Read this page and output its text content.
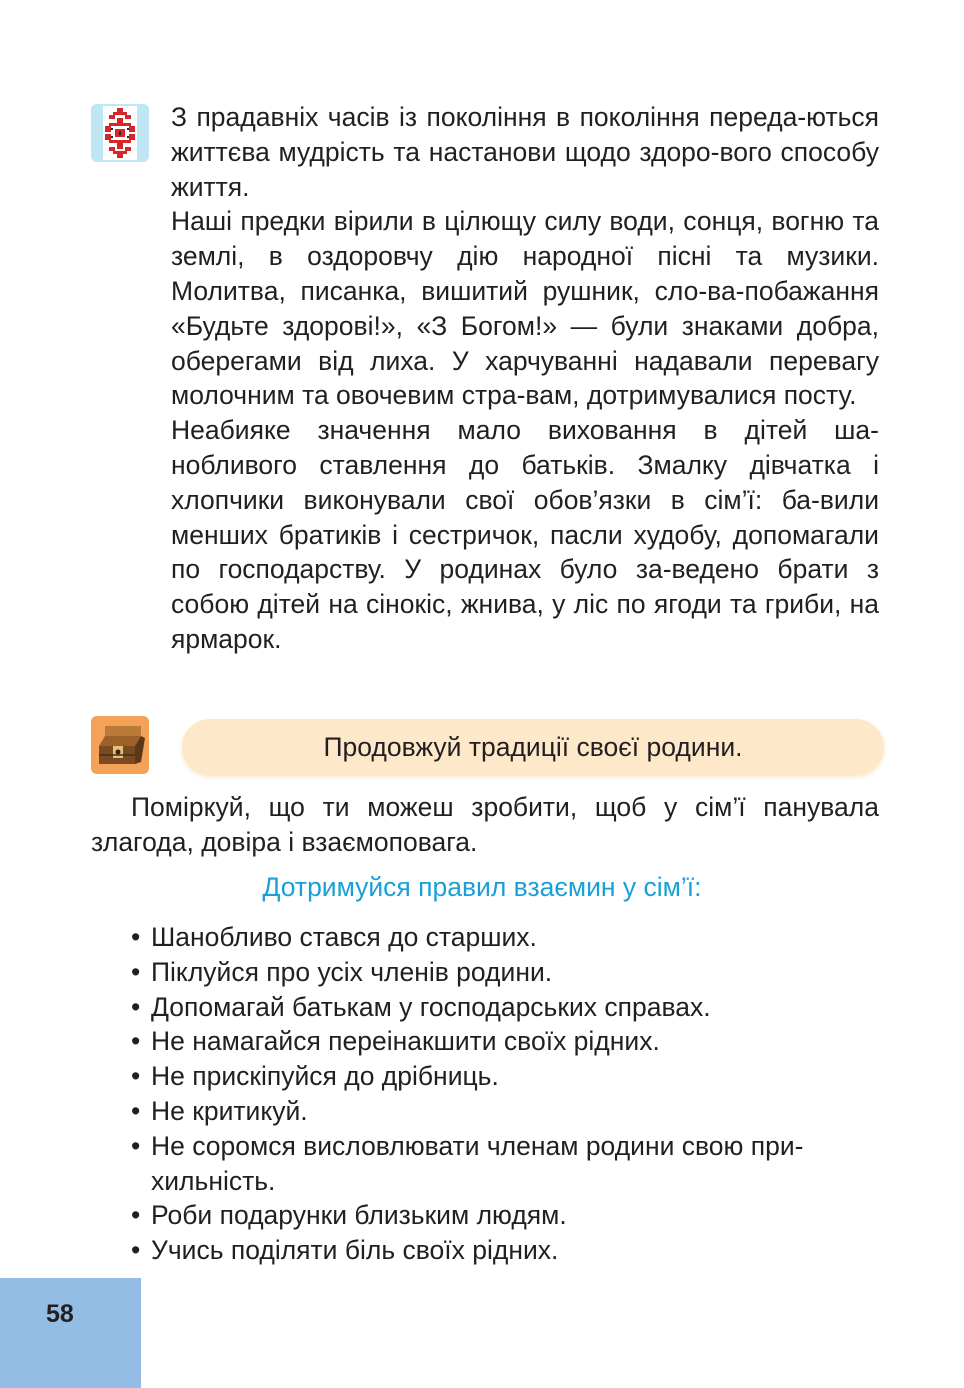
З прадавніх часів із покоління в покоління переда-ються життєва мудрість та настанови щодо здоро-вого способу життя.

Наші предки вірили в цілющу силу води, сонця, вогню та землі, в оздоровчу дію народної пісні та музики. Молитва, писанка, вишитий рушник, сло-ва-побажання «Будьте здорові!», «З Богом!» — були знаками добра, оберегами від лиха. У харчуванні надавали перевагу молочним та овочевим стра-вам, дотримувалися посту.

Неабияке значення мало виховання в дітей ша-нобливого ставлення до батьків. Змалку дівчатка і хлопчики виконували свої обов’язки в сім’ї: ба-вили менших братиків і сестричок, пасли худобу, допомагали по господарству. У родинах було за-ведено брати з собою дітей на сінокіс, жнива, у ліс по ягоди та гриби, на ярмарок.

Продовжуй традиції своєї родини.

Поміркуй, що ти можеш зробити, щоб у сім’ї панувала злагода, довіра і взаємоповага.

Дотримуйся правил взаємин у сім’ї:
• Шанобливо стався до старших.
• Піклуйся про усіх членів родини.
• Допомагай батькам у господарських справах.
• Не намагайся переінакшити своїх рідних.
• Не прискіпуйся до дрібниць.
• Не критикуй.
• Не соромся висловлювати членам родини свою при-хильність.
• Роби подарунки близьким людям.
• Учись поділяти біль своїх рідних.
58
